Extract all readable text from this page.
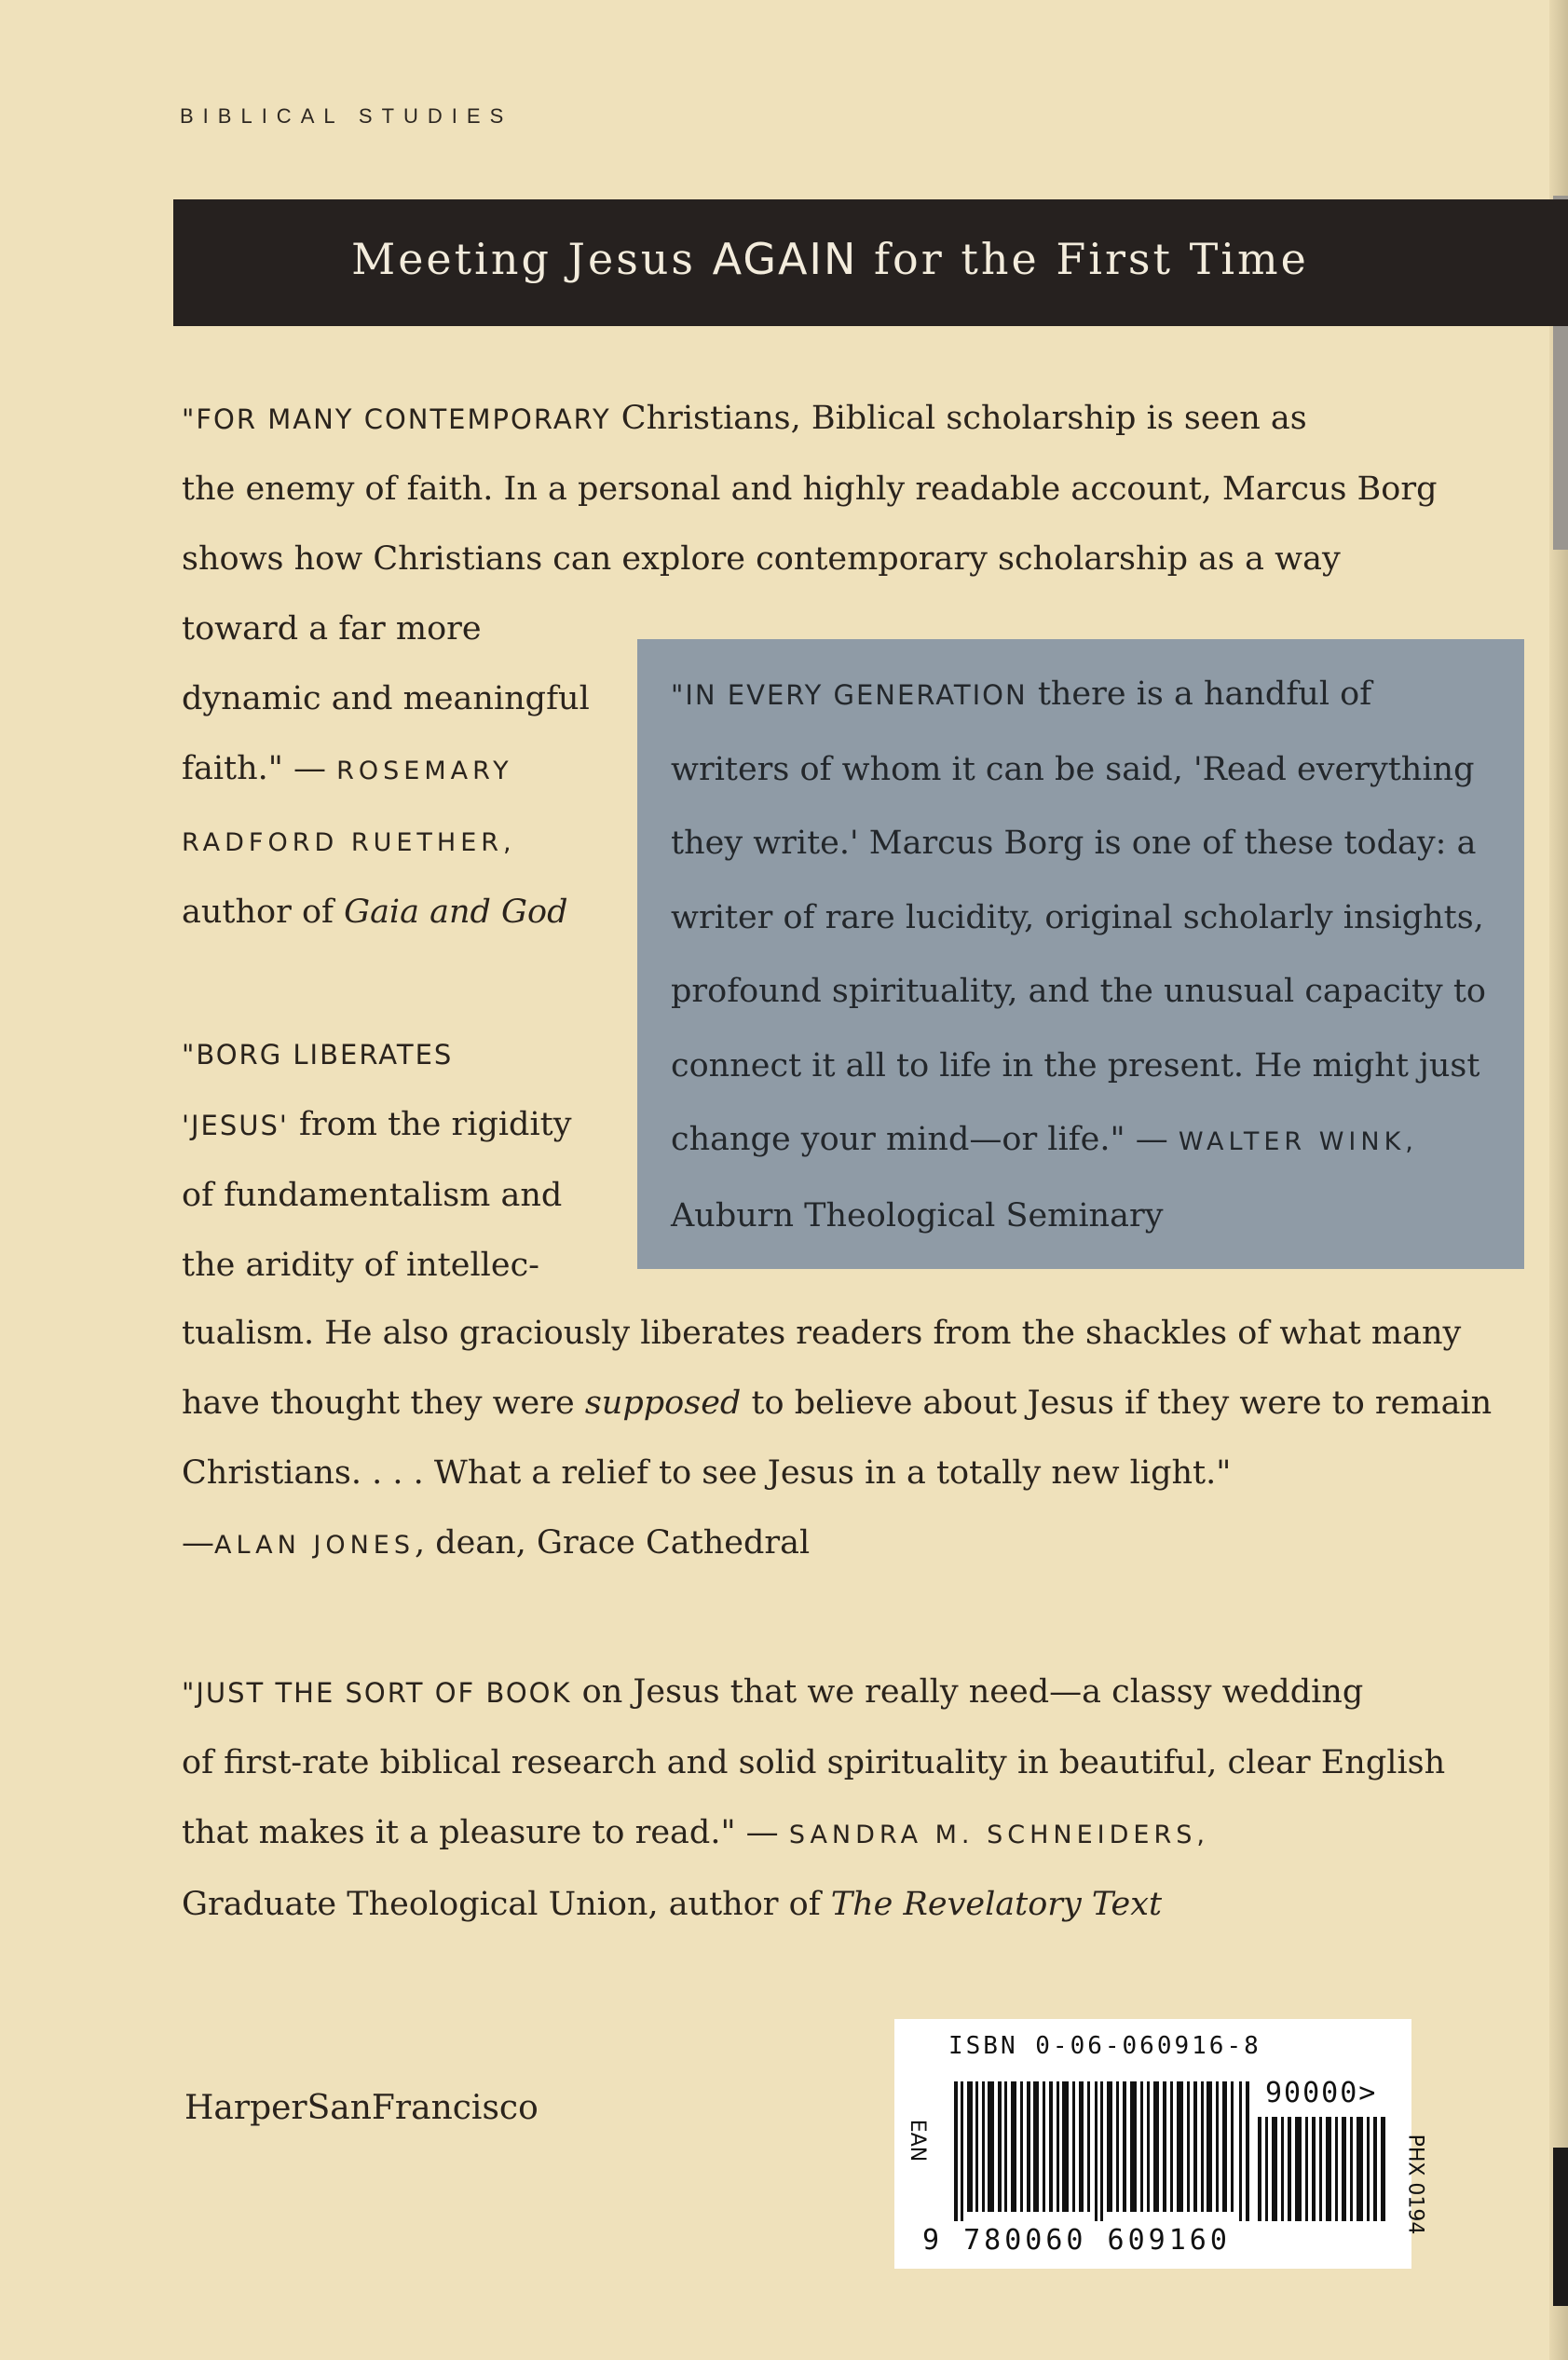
BIBLICAL STUDIES
Meeting Jesus AGAIN for the First Time
"FOR MANY CONTEMPORARY Christians, Biblical scholarship is seen as
the enemy of faith. In a personal and highly readable account, Marcus Borg
shows how Christians can explore contemporary scholarship as a way
toward a far more
dynamic and meaningful
faith." — ROSEMARY
RADFORD RUETHER,
author of Gaia and God
"BORG LIBERATES
'JESUS' from the rigidity
of fundamentalism and
the aridity of intellec-
tualism. He also graciously liberates readers from the shackles of what many
have thought they were supposed to believe about Jesus if they were to remain
Christians. . . . What a relief to see Jesus in a totally new light."
—ALAN JONES, dean, Grace Cathedral
"IN EVERY GENERATION there is a handful of
writers of whom it can be said, 'Read everything
they write.' Marcus Borg is one of these today: a
writer of rare lucidity, original scholarly insights,
profound spirituality, and the unusual capacity to
connect it all to life in the present. He might just
change your mind—or life." — WALTER WINK,
Auburn Theological Seminary
"JUST THE SORT OF BOOK on Jesus that we really need—a classy wedding
of first-rate biblical research and solid spirituality in beautiful, clear English
that makes it a pleasure to read." — SANDRA M. SCHNEIDERS,
Graduate Theological Union, author of The Revelatory Text
HarperSanFrancisco
ISBN 0-06-060916-8
EAN
90000>
9 780060 609160
PHX 0194
